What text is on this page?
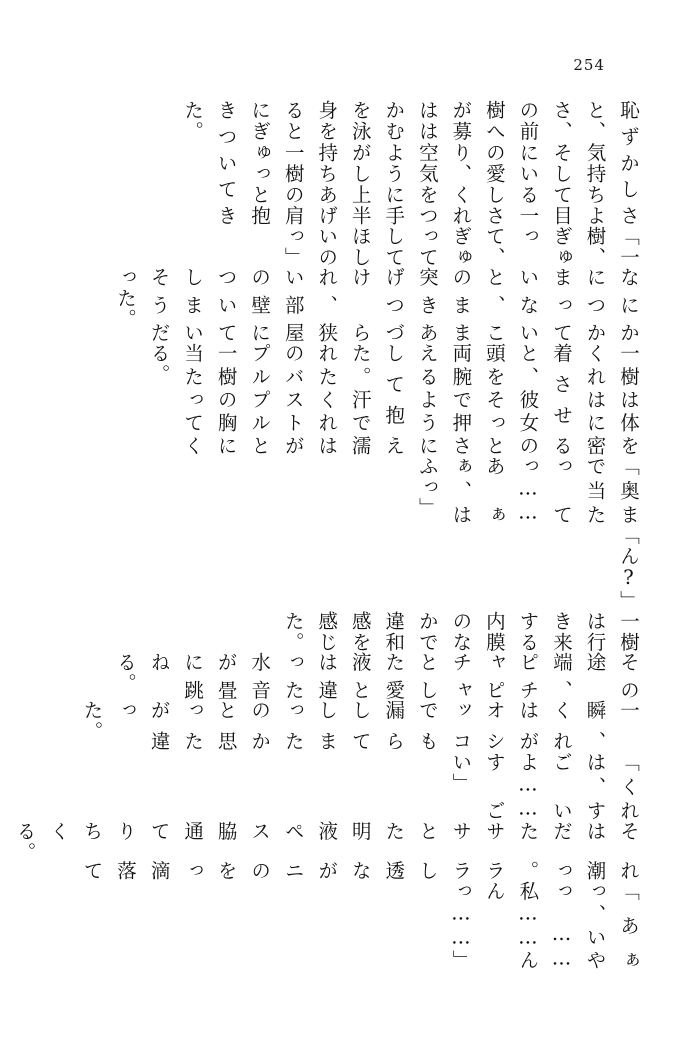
254

恥ずかしさと、気持ちよさ、そして目の前にいる一樹への愛しさが募り、くれはは空気をつかむように手を泳がし上半身を持ちあげると一樹の肩にぎゅっと抱きついてきた。

「一樹、ぎゅって、ぎゅってしてほしいのっ」

なにかにつかまっていないと、このまま突きあげつづけられ、狭い部屋の壁についてしまいそうだった。

一樹は体をくれはに密着させると、彼女の頭をそっと両腕で押さえるようにして抱えた。汗で濡れたくれはのバストがプルプルと一樹の胸に当たってくる。

「奥まで当たってっ……あぁぁ、はふっ」

「ん?」

一樹は行き来する内膜のなかで違和感を感じた。

その途端、ピチャピチャとした愛液とは違った水音が畳に跳ねる。

一瞬、くれはがオシッコでも漏らしてしまったのかと思ったが違った。

「くれは、すごいよ……すごい」

それは潮だった。サラサラとした透明な液がペニスの脇を通って滴り落ちてくる。

「あぁっ、いやっ……私……んんっ……」
